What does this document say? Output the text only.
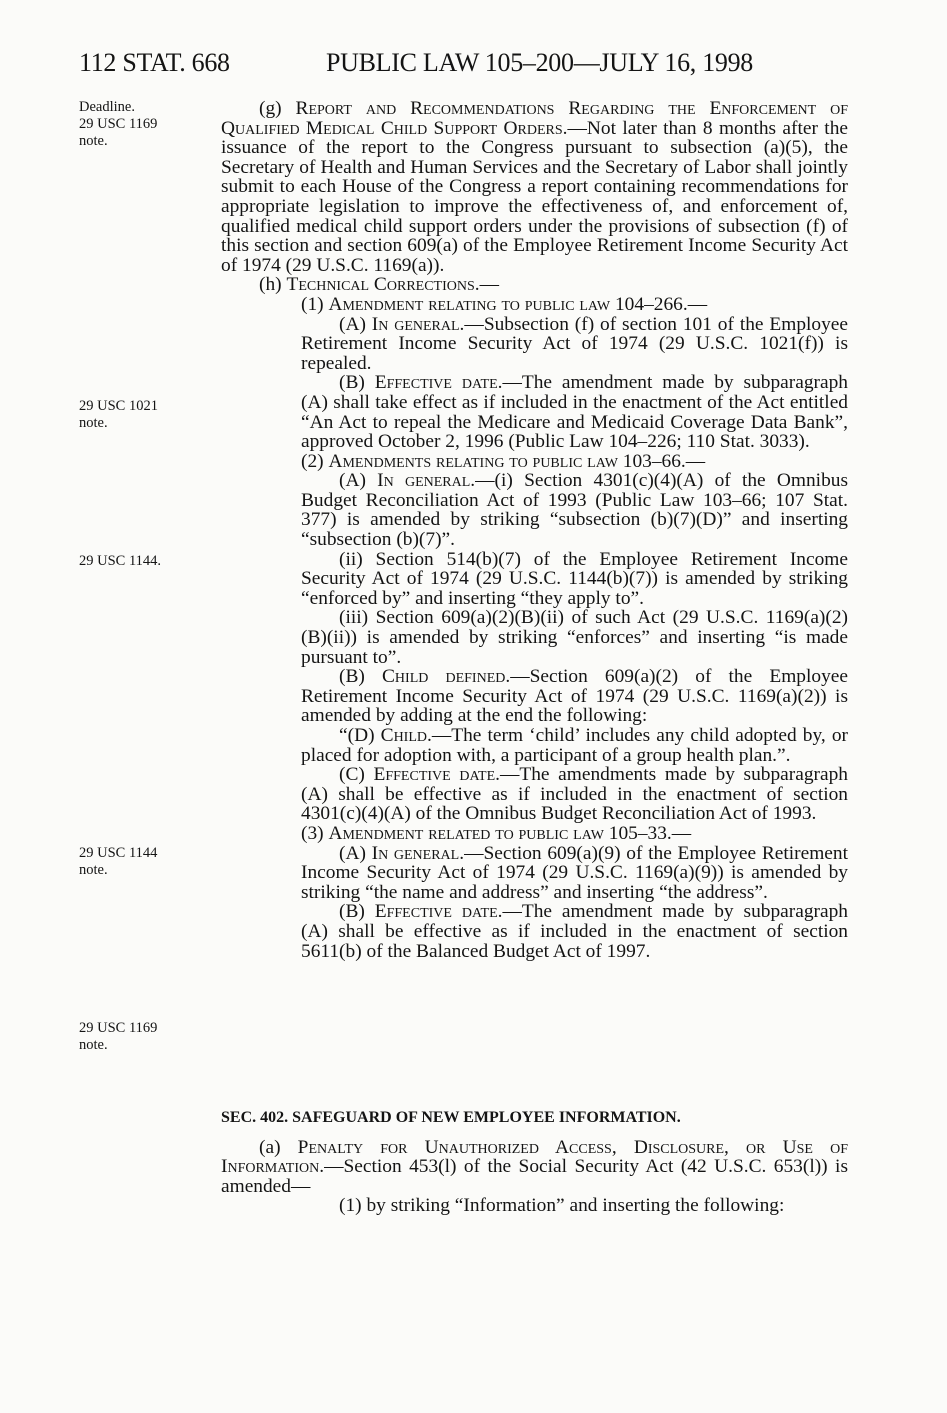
112 STAT. 668	PUBLIC LAW 105–200—JULY 16, 1998
Deadline.
29 USC 1169
note.
29 USC 1021
note.
29 USC 1144.
29 USC 1144
note.
29 USC 1169
note.

(g) Report and Recommendations Regarding the Enforcement of Qualified Medical Child Support Orders.—Not later than 8 months after the issuance of the report to the Congress pursuant to subsection (a)(5), the Secretary of Health and Human Services and the Secretary of Labor shall jointly submit to each House of the Congress a report containing recommendations for appropriate legislation to improve the effectiveness of, and enforcement of, qualified medical child support orders under the provisions of subsection (f) of this section and section 609(a) of the Employee Retirement Income Security Act of 1974 (29 U.S.C. 1169(a)).

(h) Technical Corrections.—

(1) Amendment relating to public law 104–266.—

(A) In general.—Subsection (f) of section 101 of the Employee Retirement Income Security Act of 1974 (29 U.S.C. 1021(f)) is repealed.

(B) Effective date.—The amendment made by subparagraph (A) shall take effect as if included in the enactment of the Act entitled “An Act to repeal the Medicare and Medicaid Coverage Data Bank”, approved October 2, 1996 (Public Law 104–226; 110 Stat. 3033).

(2) Amendments relating to public law 103–66.—

(A) In general.—(i) Section 4301(c)(4)(A) of the Omnibus Budget Reconciliation Act of 1993 (Public Law 103–66; 107 Stat. 377) is amended by striking “subsection (b)(7)(D)” and inserting “subsection (b)(7)”.

(ii) Section 514(b)(7) of the Employee Retirement Income Security Act of 1974 (29 U.S.C. 1144(b)(7)) is amended by striking “enforced by” and inserting “they apply to”.

(iii) Section 609(a)(2)(B)(ii) of such Act (29 U.S.C. 1169(a)(2)(B)(ii)) is amended by striking “enforces” and inserting “is made pursuant to”.

(B) Child defined.—Section 609(a)(2) of the Employee Retirement Income Security Act of 1974 (29 U.S.C. 1169(a)(2)) is amended by adding at the end the following:

“(D) Child.—The term ‘child’ includes any child adopted by, or placed for adoption with, a participant of a group health plan.”.

(C) Effective date.—The amendments made by subparagraph (A) shall be effective as if included in the enactment of section 4301(c)(4)(A) of the Omnibus Budget Reconciliation Act of 1993.

(3) Amendment related to public law 105–33.—

(A) In general.—Section 609(a)(9) of the Employee Retirement Income Security Act of 1974 (29 U.S.C. 1169(a)(9)) is amended by striking “the name and address” and inserting “the address”.

(B) Effective date.—The amendment made by subparagraph (A) shall be effective as if included in the enactment of section 5611(b) of the Balanced Budget Act of 1997.

SEC. 402. SAFEGUARD OF NEW EMPLOYEE INFORMATION.

(a) Penalty for Unauthorized Access, Disclosure, or Use of Information.—Section 453(l) of the Social Security Act (42 U.S.C. 653(l)) is amended—

(1) by striking “Information” and inserting the following:
